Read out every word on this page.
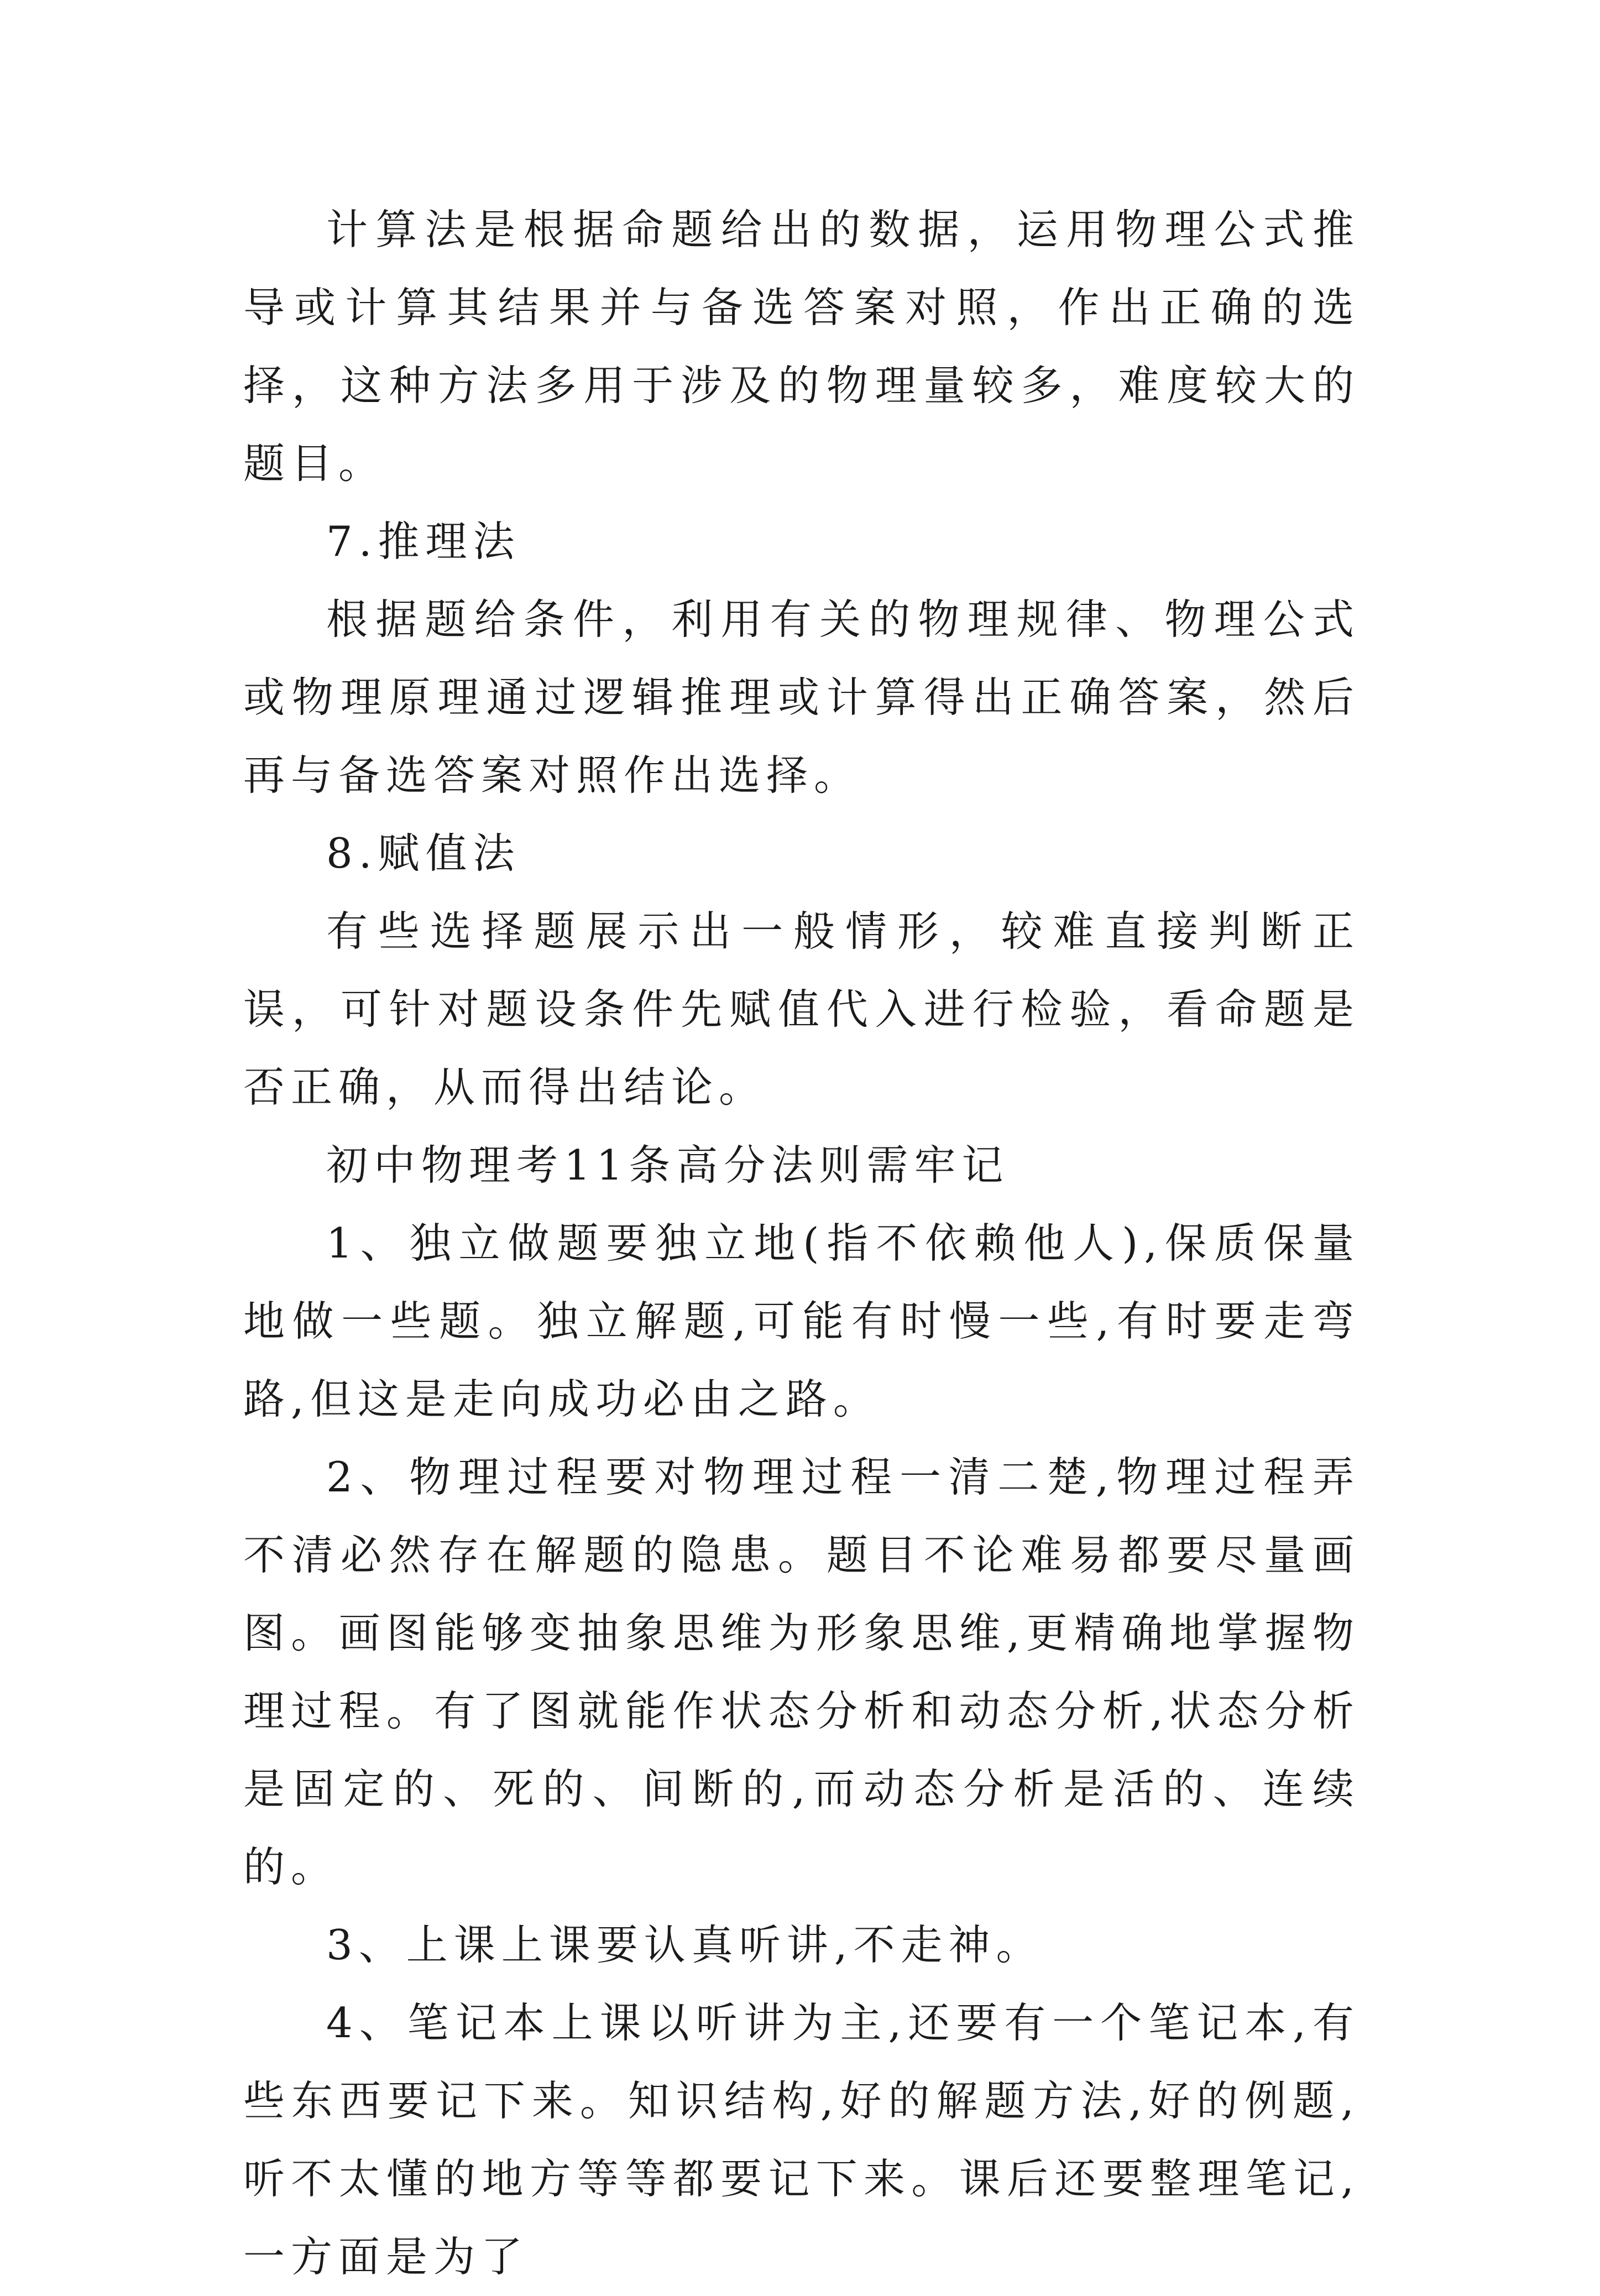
计算法是根据命题给出的数据，运用物理公式推导或计算其结果并与备选答案对照，作出正确的选择，这种方法多用于涉及的物理量较多，难度较大的题目。

7.推理法

根据题给条件，利用有关的物理规律、物理公式或物理原理通过逻辑推理或计算得出正确答案，然后再与备选答案对照作出选择。

8.赋值法

有些选择题展示出一般情形，较难直接判断正误，可针对题设条件先赋值代入进行检验，看命题是否正确，从而得出结论。

初中物理考11条高分法则需牢记

1、独立做题要独立地(指不依赖他人),保质保量地做一些题。独立解题,可能有时慢一些,有时要走弯路,但这是走向成功必由之路。

2、物理过程要对物理过程一清二楚,物理过程弄不清必然存在解题的隐患。题目不论难易都要尽量画图。画图能够变抽象思维为形象思维,更精确地掌握物理过程。有了图就能作状态分析和动态分析,状态分析是固定的、死的、间断的,而动态分析是活的、连续的。

3、上课上课要认真听讲,不走神。

4、笔记本上课以听讲为主,还要有一个笔记本,有些东西要记下来。知识结构,好的解题方法,好的例题,听不太懂的地方等等都要记下来。课后还要整理笔记,一方面是为了
